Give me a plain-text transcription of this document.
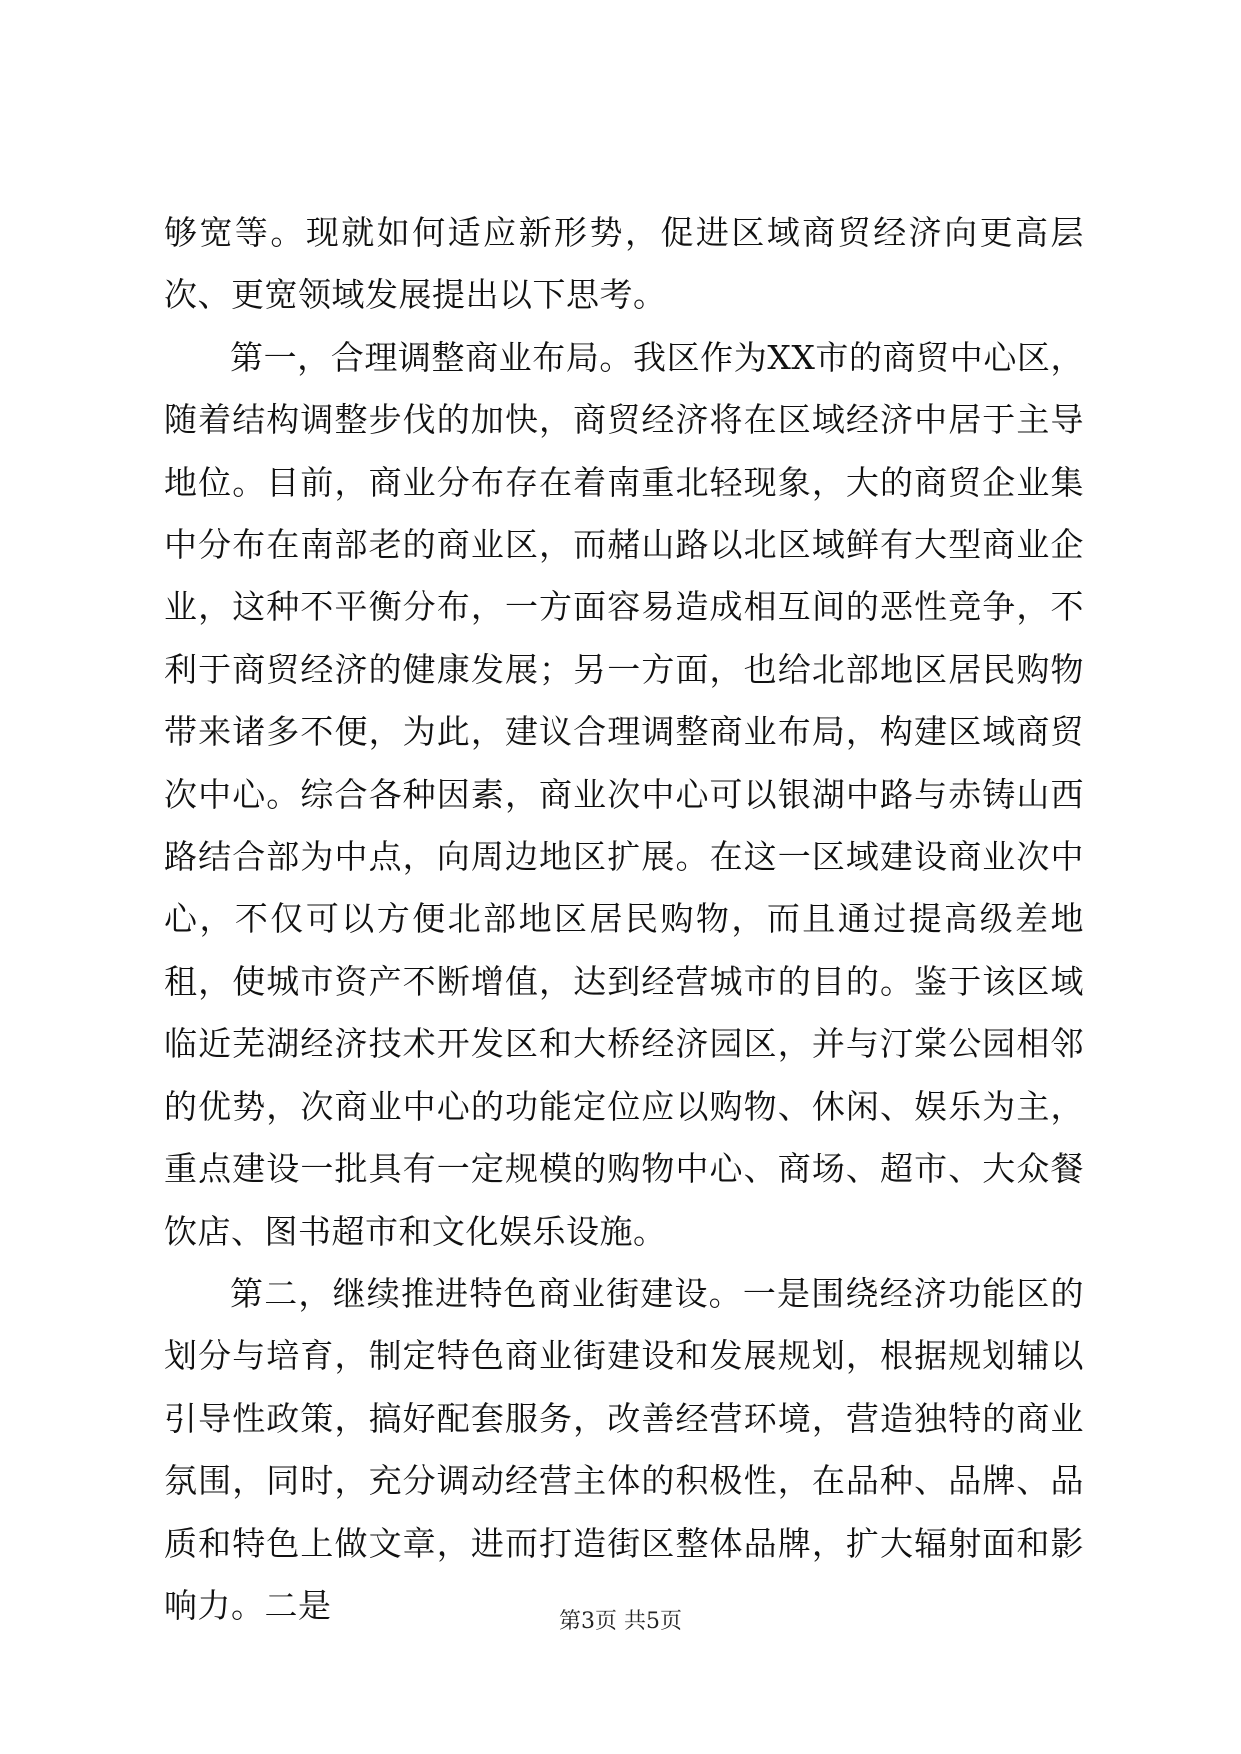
够宽等。现就如何适应新形势，促进区域商贸经济向更高层次、更宽领域发展提出以下思考。

第一，合理调整商业布局。我区作为XX市的商贸中心区，随着结构调整步伐的加快，商贸经济将在区域经济中居于主导地位。目前，商业分布存在着南重北轻现象，大的商贸企业集中分布在南部老的商业区，而赭山路以北区域鲜有大型商业企业，这种不平衡分布，一方面容易造成相互间的恶性竞争，不利于商贸经济的健康发展；另一方面，也给北部地区居民购物带来诸多不便，为此，建议合理调整商业布局，构建区域商贸次中心。综合各种因素，商业次中心可以银湖中路与赤铸山西路结合部为中点，向周边地区扩展。在这一区域建设商业次中心，不仅可以方便北部地区居民购物，而且通过提高级差地租，使城市资产不断增值，达到经营城市的目的。鉴于该区域临近芜湖经济技术开发区和大桥经济园区，并与汀棠公园相邻的优势，次商业中心的功能定位应以购物、休闲、娱乐为主，重点建设一批具有一定规模的购物中心、商场、超市、大众餐饮店、图书超市和文化娱乐设施。

第二，继续推进特色商业街建设。一是围绕经济功能区的划分与培育，制定特色商业街建设和发展规划，根据规划辅以引导性政策，搞好配套服务，改善经营环境，营造独特的商业氛围，同时，充分调动经营主体的积极性，在品种、品牌、品质和特色上做文章，进而打造街区整体品牌，扩大辐射面和影响力。二是	第3页 共5页
